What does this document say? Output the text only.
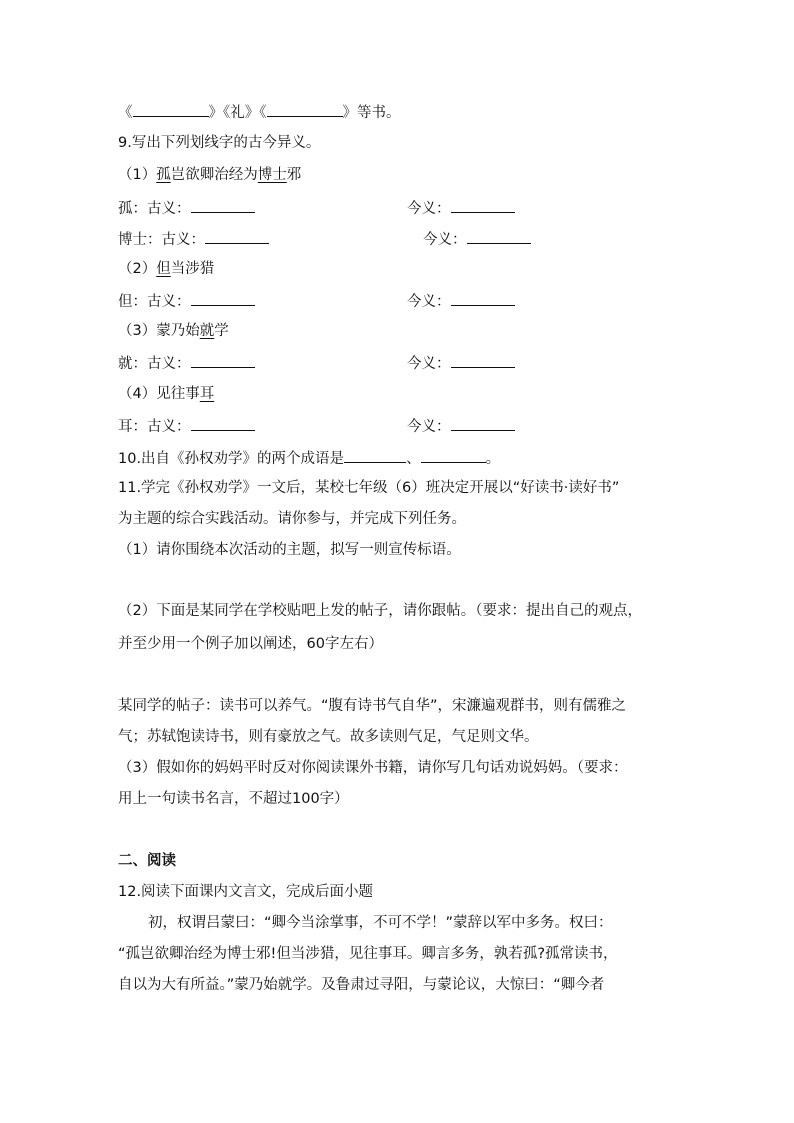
《	》《礼》《	》等书。
9.写出下列划线字的古今异义。
（1）孤岂欲卿治经为博士邪
孤：古义：	今义：
博士：古义：	今义：
（2）但当涉猎
但：古义：	今义：
（3）蒙乃始就学
就：古义：	今义：
（4）见往事耳
耳：古义：	今义：
10.出自《孙权劝学》的两个成语是	、	。
11.学完《孙权劝学》一文后，某校七年级（6）班决定开展以“好读书·读好书”
为主题的综合实践活动。请你参与，并完成下列任务。
（1）请你围绕本次活动的主题，拟写一则宣传标语。
（2）下面是某同学在学校贴吧上发的帖子，请你跟帖。（要求：提出自己的观点，
并至少用一个例子加以阐述，60字左右）
某同学的帖子：读书可以养气。“腹有诗书气自华”，宋濂遍观群书，则有儒雅之
气；苏轼饱读诗书，则有豪放之气。故多读则气足，气足则文华。
（3）假如你的妈妈平时反对你阅读课外书籍，请你写几句话劝说妈妈。（要求：
用上一句读书名言，不超过100字）
二、阅读
12.阅读下面课内文言文，完成后面小题
初，权谓吕蒙曰：“卿今当涂掌事，不可不学！”蒙辞以军中多务。权曰：
“孤岂欲卿治经为博士邪!但当涉猎，见往事耳。卿言多务，孰若孤?孤常读书，
自以为大有所益。”蒙乃始就学。及鲁肃过寻阳，与蒙论议，大惊曰：“卿今者
